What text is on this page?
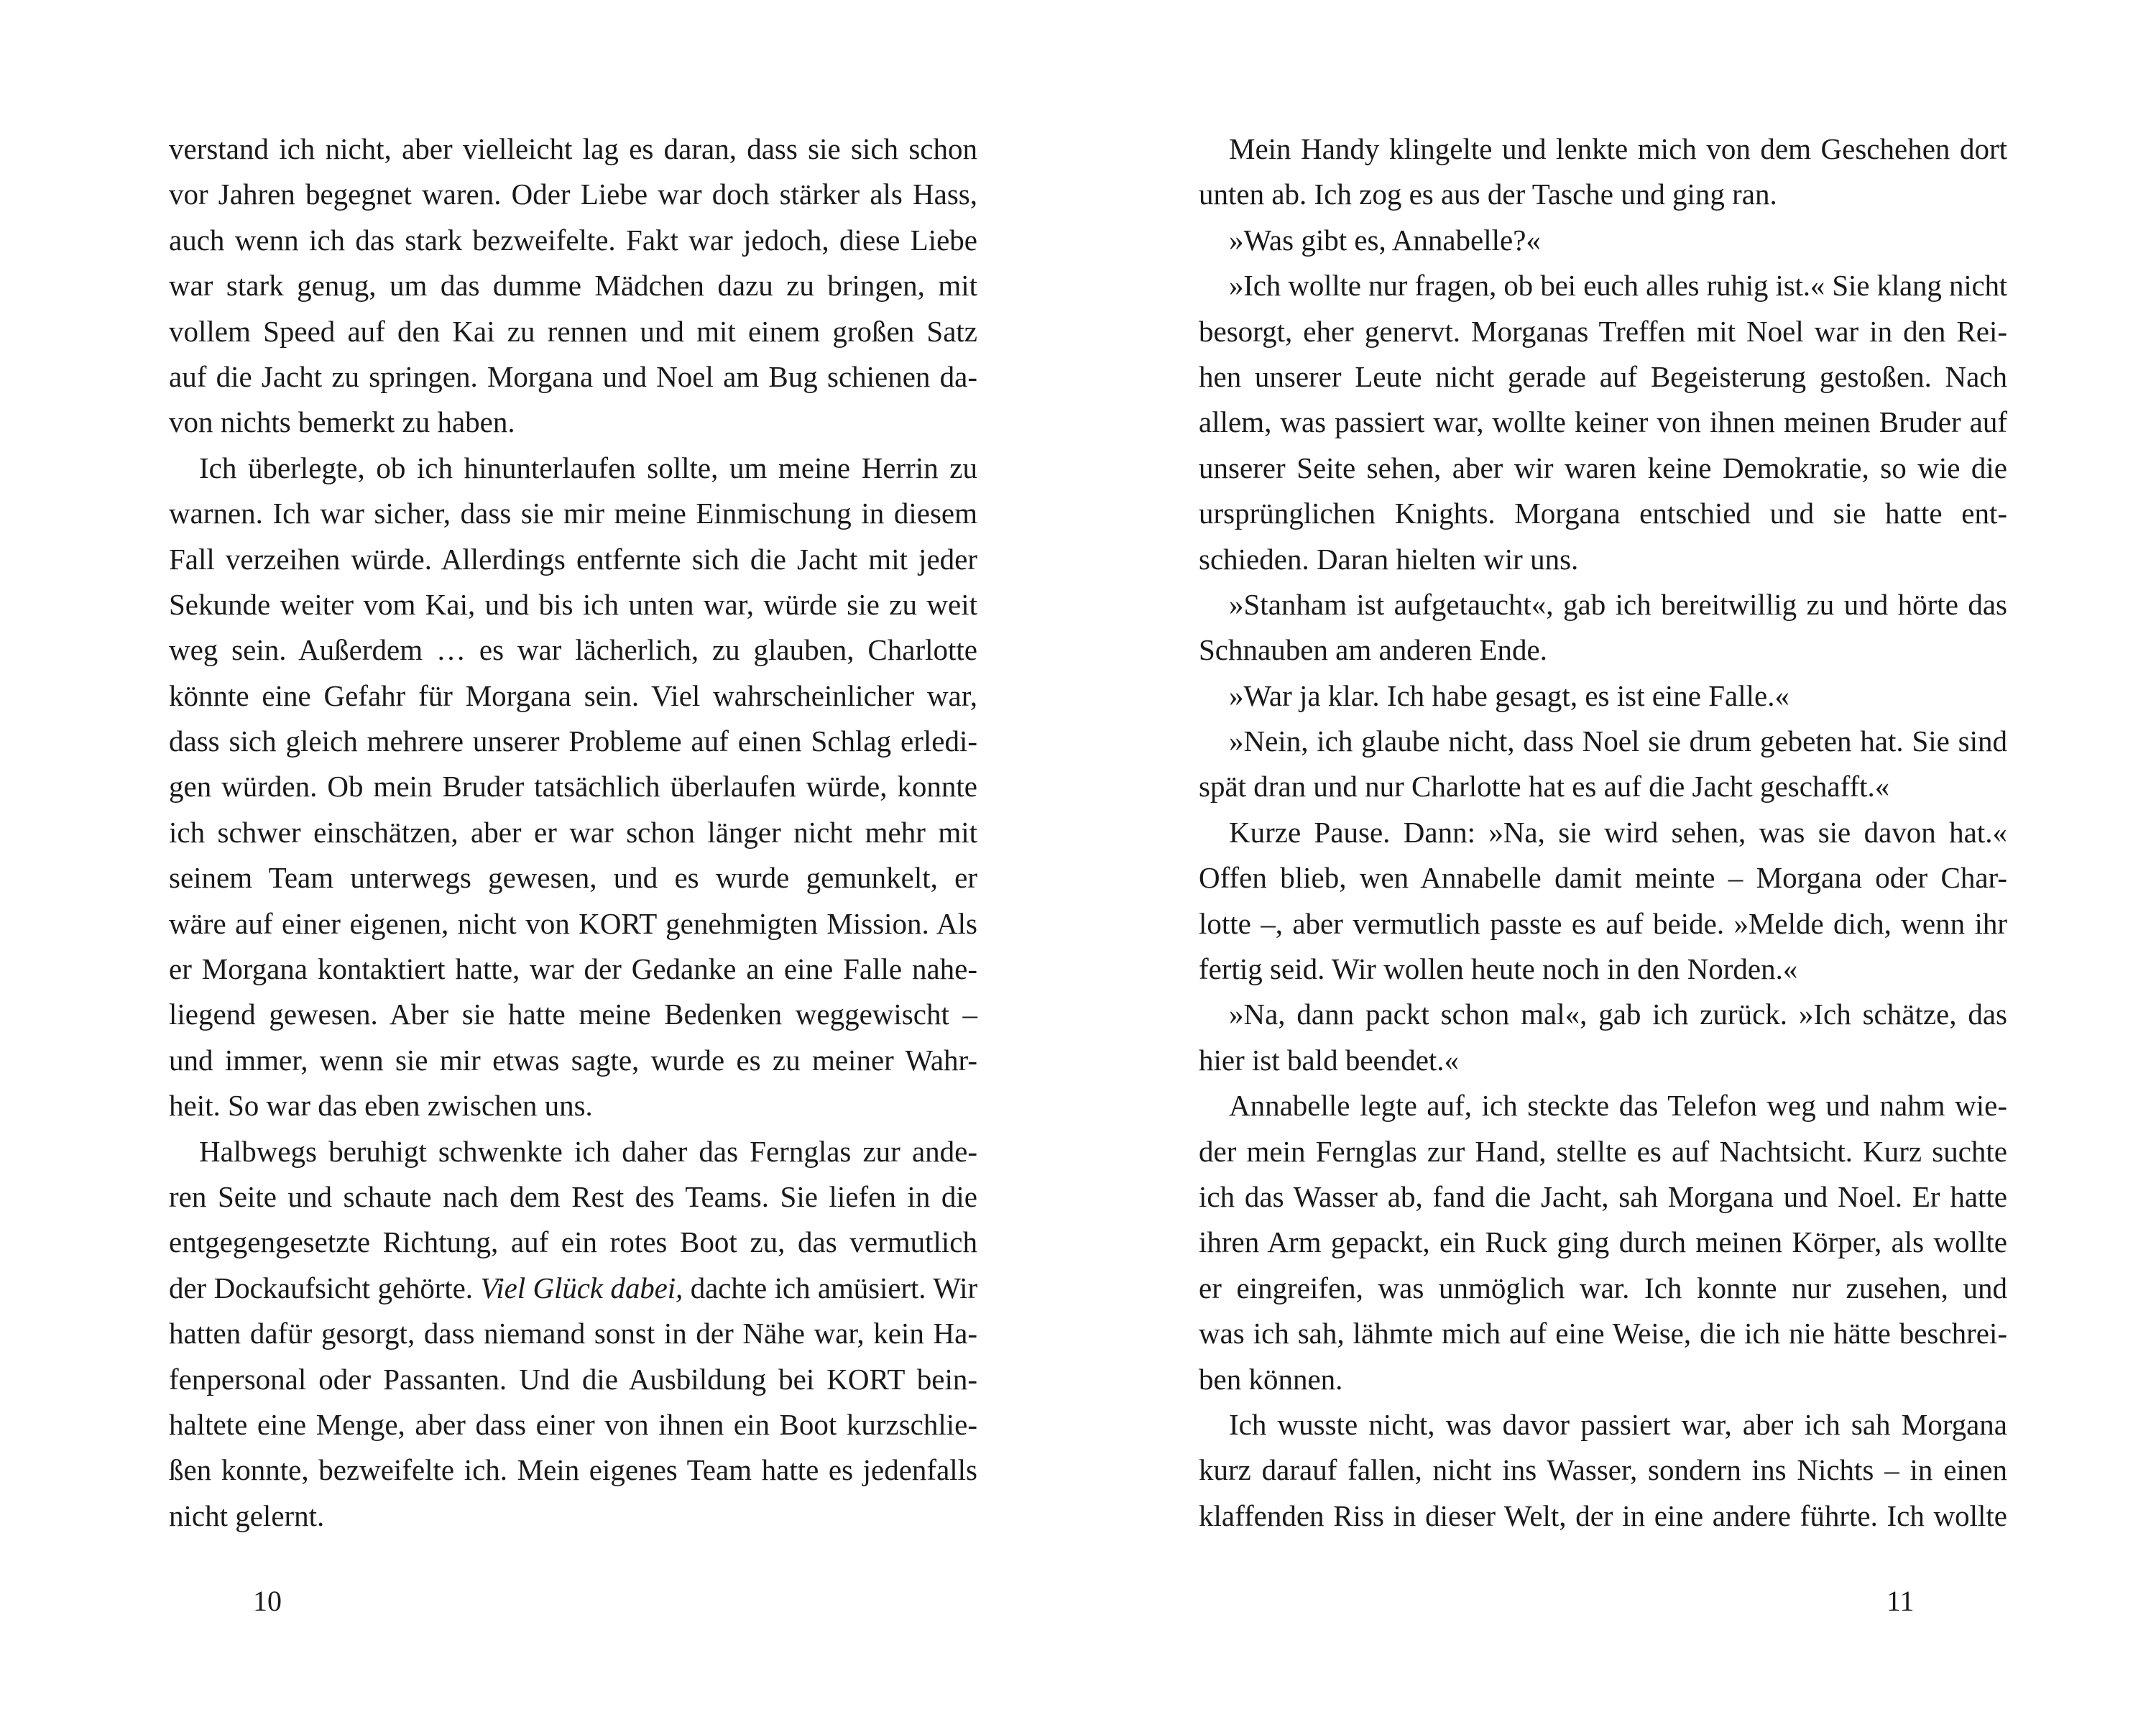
verstand ich nicht, aber vielleicht lag es daran, dass sie sich schon
vor Jahren begegnet waren. Oder Liebe war doch stärker als Hass,
auch wenn ich das stark bezweifelte. Fakt war jedoch, diese Liebe
war stark genug, um das dumme Mädchen dazu zu bringen, mit
vollem Speed auf den Kai zu rennen und mit einem großen Satz
auf die Jacht zu springen. Morgana und Noel am Bug schienen da-
von nichts bemerkt zu haben.
Ich überlegte, ob ich hinunterlaufen sollte, um meine Herrin zu
warnen. Ich war sicher, dass sie mir meine Einmischung in diesem
Fall verzeihen würde. Allerdings entfernte sich die Jacht mit jeder
Sekunde weiter vom Kai, und bis ich unten war, würde sie zu weit
weg sein. Außerdem … es war lächerlich, zu glauben, Charlotte
könnte eine Gefahr für Morgana sein. Viel wahrscheinlicher war,
dass sich gleich mehrere unserer Probleme auf einen Schlag erledi-
gen würden. Ob mein Bruder tatsächlich überlaufen würde, konnte
ich schwer einschätzen, aber er war schon länger nicht mehr mit
seinem Team unterwegs gewesen, und es wurde gemunkelt, er
wäre auf einer eigenen, nicht von KORT genehmigten Mission. Als
er Morgana kontaktiert hatte, war der Gedanke an eine Falle nahe-
liegend gewesen. Aber sie hatte meine Bedenken weggewischt –
und immer, wenn sie mir etwas sagte, wurde es zu meiner Wahr-
heit. So war das eben zwischen uns.
Halbwegs beruhigt schwenkte ich daher das Fernglas zur ande-
ren Seite und schaute nach dem Rest des Teams. Sie liefen in die
entgegengesetzte Richtung, auf ein rotes Boot zu, das vermutlich
der Dockaufsicht gehörte. Viel Glück dabei, dachte ich amüsiert. Wir
hatten dafür gesorgt, dass niemand sonst in der Nähe war, kein Ha-
fenpersonal oder Passanten. Und die Ausbildung bei KORT bein-
haltete eine Menge, aber dass einer von ihnen ein Boot kurzschlie-
ßen konnte, bezweifelte ich. Mein eigenes Team hatte es jedenfalls
nicht gelernt.
10
Mein Handy klingelte und lenkte mich von dem Geschehen dort
unten ab. Ich zog es aus der Tasche und ging ran.
»Was gibt es, Annabelle?«
»Ich wollte nur fragen, ob bei euch alles ruhig ist.« Sie klang nicht
besorgt, eher genervt. Morganas Treffen mit Noel war in den Rei-
hen unserer Leute nicht gerade auf Begeisterung gestoßen. Nach
allem, was passiert war, wollte keiner von ihnen meinen Bruder auf
unserer Seite sehen, aber wir waren keine Demokratie, so wie die
ursprünglichen Knights. Morgana entschied und sie hatte ent-
schieden. Daran hielten wir uns.
»Stanham ist aufgetaucht«, gab ich bereitwillig zu und hörte das
Schnauben am anderen Ende.
»War ja klar. Ich habe gesagt, es ist eine Falle.«
»Nein, ich glaube nicht, dass Noel sie drum gebeten hat. Sie sind
spät dran und nur Charlotte hat es auf die Jacht geschafft.«
Kurze Pause. Dann: »Na, sie wird sehen, was sie davon hat.«
Offen blieb, wen Annabelle damit meinte – Morgana oder Char-
lotte –, aber vermutlich passte es auf beide. »Melde dich, wenn ihr
fertig seid. Wir wollen heute noch in den Norden.«
»Na, dann packt schon mal«, gab ich zurück. »Ich schätze, das
hier ist bald beendet.«
Annabelle legte auf, ich steckte das Telefon weg und nahm wie-
der mein Fernglas zur Hand, stellte es auf Nachtsicht. Kurz suchte
ich das Wasser ab, fand die Jacht, sah Morgana und Noel. Er hatte
ihren Arm gepackt, ein Ruck ging durch meinen Körper, als wollte
er eingreifen, was unmöglich war. Ich konnte nur zusehen, und
was ich sah, lähmte mich auf eine Weise, die ich nie hätte beschrei-
ben können.
Ich wusste nicht, was davor passiert war, aber ich sah Morgana
kurz darauf fallen, nicht ins Wasser, sondern ins Nichts – in einen
klaffenden Riss in dieser Welt, der in eine andere führte. Ich wollte
11
